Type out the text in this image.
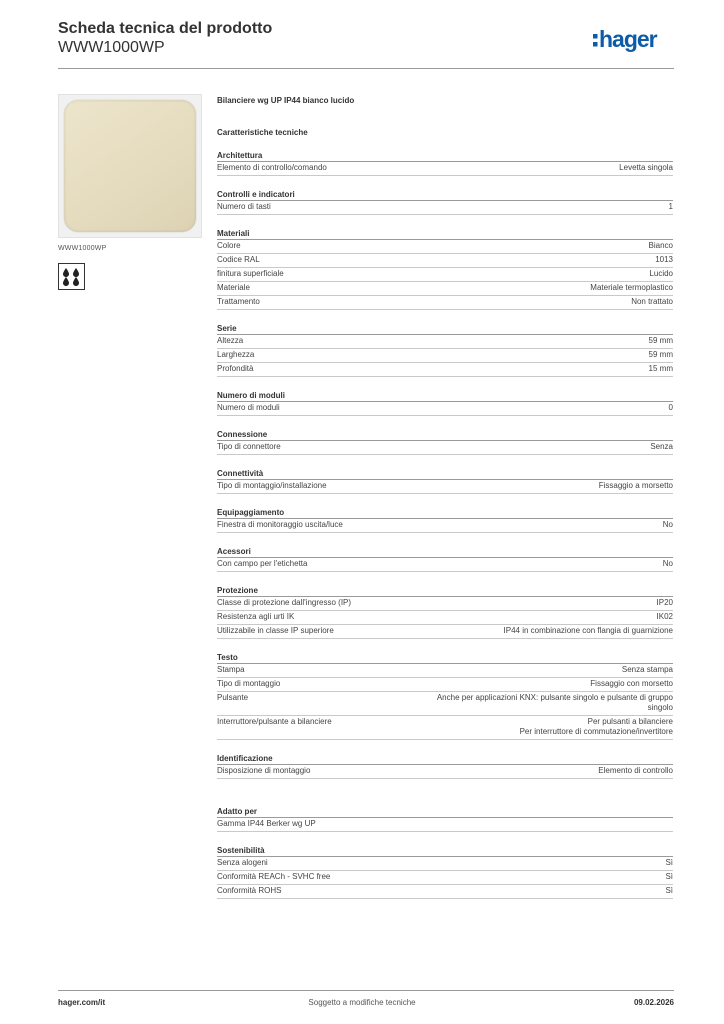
Scheda tecnica del prodotto
WWW1000WP	hager
WWW1000WP
Bilanciere wg UP IP44 bianco lucido
Caratteristiche tecniche
Architettura
Elemento di controllo/comando	Levetta singola
Controlli e indicatori
Numero di tasti	1
Materiali
Colore	Bianco
Codice RAL	1013
finitura superficiale	Lucido
Materiale	Materiale termoplastico
Trattamento	Non trattato
Serie
Altezza	59 mm
Larghezza	59 mm
Profondità	15 mm
Numero di moduli
Numero di moduli	0
Connessione
Tipo di connettore	Senza
Connettività
Tipo di montaggio/installazione	Fissaggio a morsetto
Equipaggiamento
Finestra di monitoraggio uscita/luce	No
Acessori
Con campo per l'etichetta	No
Protezione
Classe di protezione dall'ingresso (IP)	IP20
Resistenza agli urti IK	IK02
Utilizzabile in classe IP superiore	IP44 in combinazione con flangia di guarnizione
Testo
Stampa	Senza stampa
Tipo di montaggio	Fissaggio con morsetto
Pulsante	Anche per applicazioni KNX: pulsante singolo e pulsante di gruppo
singolo
Interruttore/pulsante a bilanciere	Per pulsanti a bilanciere
Per interruttore di commutazione/invertitore
Identificazione
Disposizione di montaggio	Elemento di controllo
Adatto per
Gamma IP44 Berker wg UP
Sostenibilità
Senza alogeni	Sì
Conformità REACh - SVHC free	Sì
Conformità ROHS	Sì
hager.com/it	Soggetto a modifiche tecniche	09.02.2026
